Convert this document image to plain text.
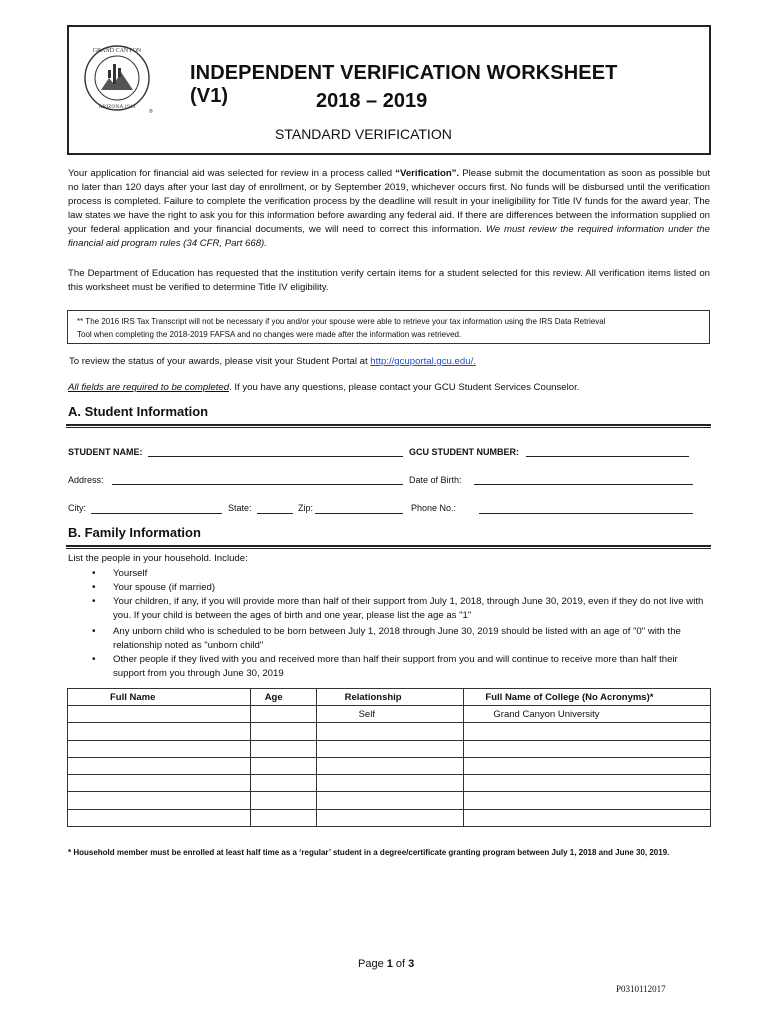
GRAND CANYON
ARIZONA 1949
®
INDEPENDENT VERIFICATION WORKSHEET (V1)	2018 – 2019
STANDARD VERIFICATION
Your application for financial aid was selected for review in a process called “Verification”. Please submit the documentation as soon as possible but no later than 120 days after your last day of enrollment, or by September 2019, whichever occurs first. No funds will be disbursed until the verification process is completed. Failure to complete the verification process by the deadline will result in your ineligibility for Title IV funds for the award year. The law states we have the right to ask you for this information before awarding any federal aid. If there are differences between the information supplied on your federal application and your financial documents, we will need to correct this information. We must review the required information under the financial aid program rules (34 CFR, Part 668).
The Department of Education has requested that the institution verify certain items for a student selected for this review. All verification items listed on this worksheet must be verified to determine Title IV eligibility.
** The 2016 IRS Tax Transcript will not be necessary if you and/or your spouse were able to retrieve your tax information using the IRS Data Retrieval
Tool when completing the 2018-2019 FAFSA and no changes were made after the information was retrieved.
To review the status of your awards, please visit your Student Portal at http://gcuportal.gcu.edu/.
All fields are required to be completed. If you have any questions, please contact your GCU Student Services Counselor.
A. Student Information
STUDENT NAME:	GCU STUDENT NUMBER:
Address:	Date of Birth:
City:	State:	Zip:	Phone No.:
B. Family Information
List the people in your household. Include:
• Yourself
• Your spouse (if married)
• Your children, if any, if you will provide more than half of their support from July 1, 2018, through June 30, 2019, even if they do not live with you. If your child is between the ages of birth and one year, please list the age as "1"
• Any unborn child who is scheduled to be born between July 1, 2018 through June 30, 2019 should be listed with an age of "0" with the relationship noted as "unborn child"
• Other people if they lived with you and received more than half their support from you and will continue to receive more than half their support from you through June 30, 2019
Full Name	Age	Relationship	Full Name of College (No Acronyms)*
		Self	Grand Canyon University

* Household member must be enrolled at least half time as a ‘regular’ student in a degree/certificate granting program between July 1, 2018 and June 30, 2019.
Page 1 of 3
P0310112017
